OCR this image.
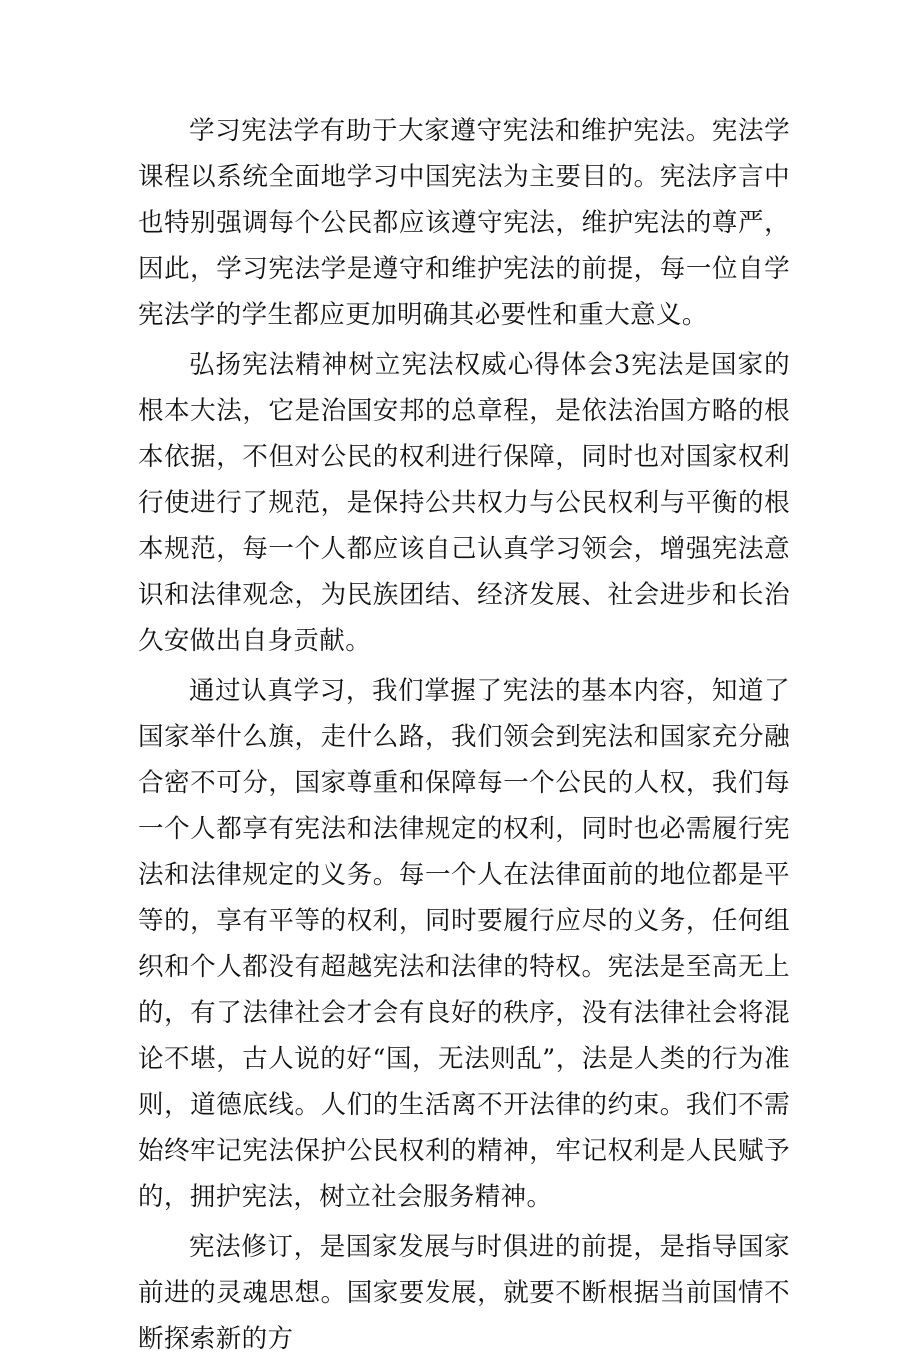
学习宪法学有助于大家遵守宪法和维护宪法。宪法学课程以系统全面地学习中国宪法为主要目的。宪法序言中也特别强调每个公民都应该遵守宪法，维护宪法的尊严，因此，学习宪法学是遵守和维护宪法的前提，每一位自学宪法学的学生都应更加明确其必要性和重大意义。

弘扬宪法精神树立宪法权威心得体会3宪法是国家的根本大法，它是治国安邦的总章程，是依法治国方略的根本依据，不但对公民的权利进行保障，同时也对国家权利行使进行了规范，是保持公共权力与公民权利与平衡的根本规范，每一个人都应该自己认真学习领会，增强宪法意识和法律观念，为民族团结、经济发展、社会进步和长治久安做出自身贡献。

通过认真学习，我们掌握了宪法的基本内容，知道了国家举什么旗，走什么路，我们领会到宪法和国家充分融合密不可分，国家尊重和保障每一个公民的人权，我们每一个人都享有宪法和法律规定的权利，同时也必需履行宪法和法律规定的义务。每一个人在法律面前的地位都是平等的，享有平等的权利，同时要履行应尽的义务，任何组织和个人都没有超越宪法和法律的特权。宪法是至高无上的，有了法律社会才会有良好的秩序，没有法律社会将混论不堪，古人说的好“国，无法则乱”，法是人类的行为准则，道德底线。人们的生活离不开法律的约束。我们不需始终牢记宪法保护公民权利的精神，牢记权利是人民赋予的，拥护宪法，树立社会服务精神。

宪法修订，是国家发展与时俱进的前提，是指导国家前进的灵魂思想。国家要发展，就要不断根据当前国情不断探索新的方
